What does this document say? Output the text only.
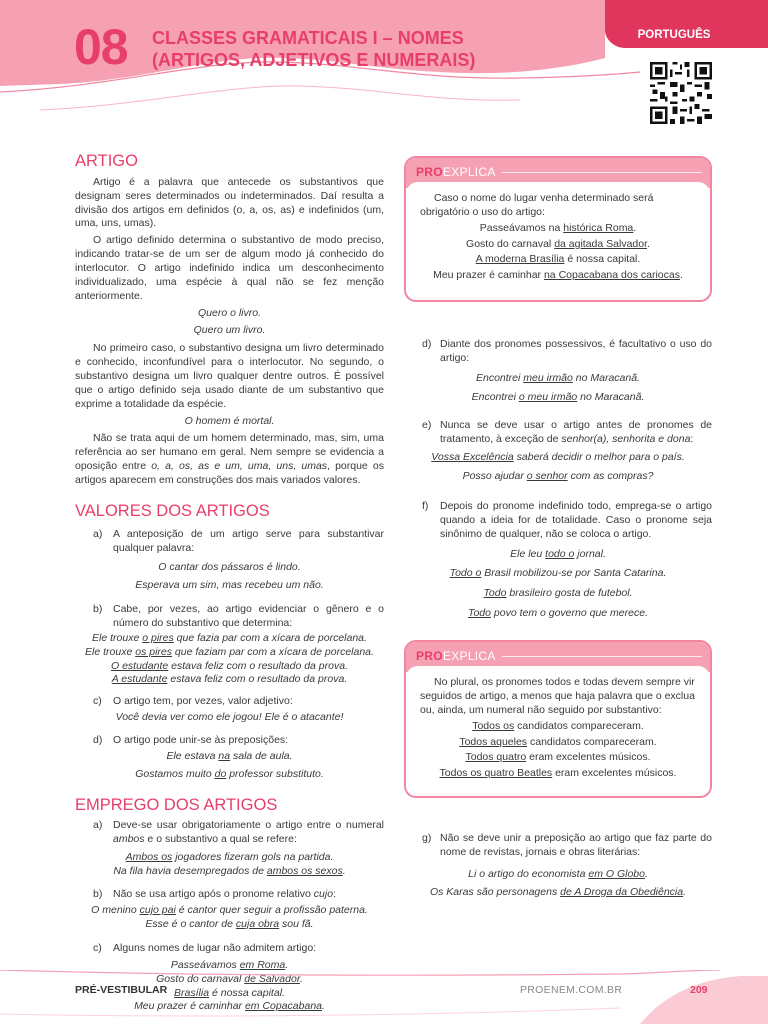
08 CLASSES GRAMATICAIS I – NOMES
(ARTIGOS, ADJETIVOS E NUMERAIS)
PORTUGUÊS
ARTIGO

Artigo é a palavra que antecede os substantivos que designam seres determinados ou indeterminados. Daí resulta a divisão dos artigos em definidos (o, a, os, as) e indefinidos (um, uma, uns, umas).

O artigo definido determina o substantivo de modo preciso, indicando tratar-se de um ser de algum modo já conhecido do interlocutor. O artigo indefinido indica um desconhecimento individualizado, uma espécie à qual não se fez menção anteriormente.

Quero o livro.
Quero um livro.

No primeiro caso, o substantivo designa um livro determinado e conhecido, inconfundível para o interlocutor. No segundo, o substantivo designa um livro qualquer dentre outros. É possível que o artigo definido seja usado diante de um substantivo que exprime a totalidade da espécie.

O homem é mortal.

Não se trata aqui de um homem determinado, mas, sim, uma referência ao ser humano em geral. Nem sempre se evidencia a oposição entre o, a, os, as e um, uma, uns, umas, porque os artigos aparecem em construções dos mais variados valores.

VALORES DOS ARTIGOS
a)	A anteposição de um artigo serve para substantivar qualquer palavra:
O cantar dos pássaros é lindo.
Esperava um sim, mas recebeu um não.
b)	Cabe, por vezes, ao artigo evidenciar o gênero e o número do substantivo que determina:
Ele trouxe o pires que fazia par com a xícara de porcelana.
Ele trouxe os pires que faziam par com a xícara de porcelana.
O estudante estava feliz com o resultado da prova.
A estudante estava feliz com o resultado da prova.
c)	O artigo tem, por vezes, valor adjetivo:
Você devia ver como ele jogou! Ele é o atacante!
d)	O artigo pode unir-se às preposições:
Ele estava na sala de aula.
Gostamos muito do professor substituto.
EMPREGO DOS ARTIGOS
a)	Deve-se usar obrigatoriamente o artigo entre o numeral ambos e o substantivo a qual se refere:
Ambos os jogadores fizeram gols na partida.
Na fila havia desempregados de ambos os sexos.
b)	Não se usa artigo após o pronome relativo cujo:
O menino cujo pai é cantor quer seguir a profissão paterna.
Esse é o cantor de cuja obra sou fã.
c)	Alguns nomes de lugar não admitem artigo:
Passeávamos em Roma.
Gosto do carnaval de Salvador.
Brasília é nossa capital.
Meu prazer é caminhar em Copacabana.
PROEXPLICA

Caso o nome do lugar venha determinado será obrigatório o uso do artigo:

Passeávamos na histórica Roma.
Gosto do carnaval da agitada Salvador.
A moderna Brasília é nossa capital.
Meu prazer é caminhar na Copacabana dos cariocas.
d) Diante dos pronomes possessivos, é facultativo o uso do artigo:
Encontrei meu irmão no Maracanã.
Encontrei o meu irmão no Maracanã.
e) Nunca se deve usar o artigo antes de pronomes de tratamento, à exceção de senhor(a), senhorita e dona:
Vossa Excelência saberá decidir o melhor para o país.
Posso ajudar o senhor com as compras?
f)	Depois do pronome indefinido todo, emprega-se o artigo quando a ideia for de totalidade. Caso o pronome seja sinônimo de qualquer, não se coloca o artigo.
Ele leu todo o jornal.
Todo o Brasil mobilizou-se por Santa Catarina.
Todo brasileiro gosta de futebol.
Todo povo tem o governo que merece.
PROEXPLICA

No plural, os pronomes todos e todas devem sempre vir seguidos de artigo, a menos que haja palavra que o exclua ou, ainda, um numeral não seguido por substantivo:

Todos os candidatos compareceram.
Todos aqueles candidatos compareceram.
Todos quatro eram excelentes músicos.
Todos os quatro Beatles eram excelentes músicos.
g) Não se deve unir a preposição ao artigo que faz parte do nome de revistas, jornais e obras literárias:
Li o artigo do economista em O Globo.
Os Karas são personagens de A Droga da Obediência.
PRÉ-VESTIBULAR	PROENEM.COM.BR	209
